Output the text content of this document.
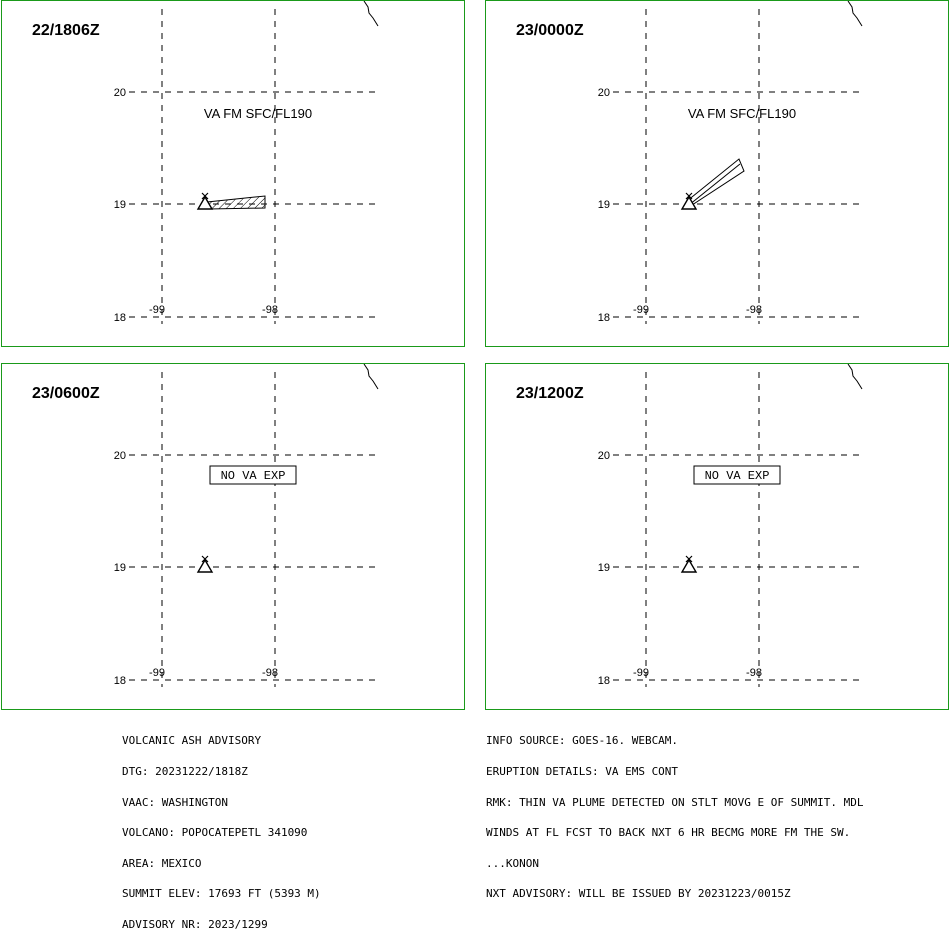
20
19
18
-99	-98
22/1806Z
VA FM SFC/FL190
20
19
18
-99	-98
23/0000Z
VA FM SFC/FL190
20
19
18
-99	-98
23/0600Z
NO VA EXP
20
19
18
-99	-98
23/1200Z
NO VA EXP

VOLCANIC ASH ADVISORY

DTG: 20231222/1818Z

VAAC: WASHINGTON

VOLCANO: POPOCATEPETL 341090

AREA: MEXICO

SUMMIT ELEV: 17693 FT (5393 M)

ADVISORY NR: 2023/1299

INFO SOURCE: GOES-16. WEBCAM.

ERUPTION DETAILS: VA EMS CONT

RMK: THIN VA PLUME DETECTED ON STLT MOVG E OF SUMMIT. MDL

WINDS AT FL FCST TO BACK NXT 6 HR BECMG MORE FM THE SW.

...KONON

NXT ADVISORY: WILL BE ISSUED BY 20231223/0015Z
